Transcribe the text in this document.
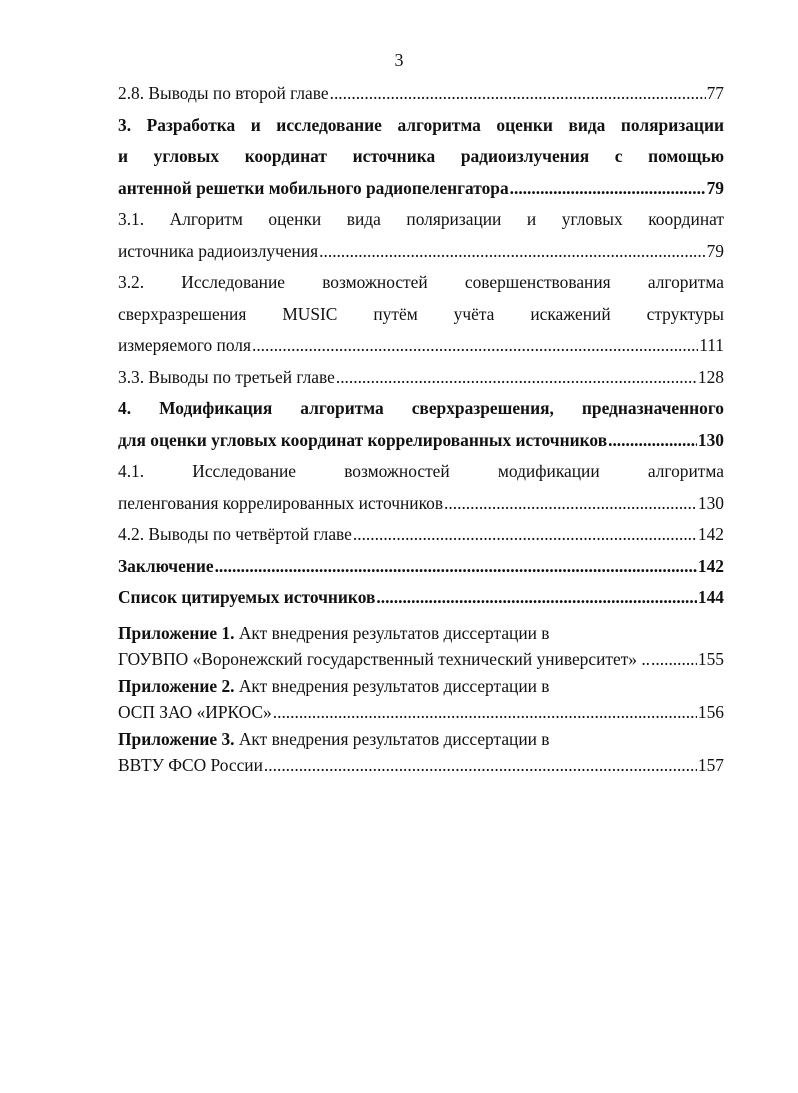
3
2.8. Выводы по второй главе .....	77
3. Разработка и исследование алгоритма оценки вида поляризации
и угловых координат источника радиоизлучения с помощью
антенной решетки мобильного радиопеленгатора .....	79
3.1. Алгоритм оценки вида поляризации и угловых координат
источника радиоизлучения .....	79
3.2. Исследование возможностей совершенствования алгоритма
сверхразрешения MUSIC путём учёта искажений структуры
измеряемого поля .....	111
3.3. Выводы по третьей главе .....	128
4. Модификация алгоритма сверхразрешения, предназначенного
для оценки угловых координат коррелированных источников .....	130
4.1. Исследование возможностей модификации алгоритма
пеленгования коррелированных источников .....	130
4.2. Выводы по четвёртой главе .....	142
Заключение .....	142
Список цитируемых источников .....	144
Приложение 1. Акт внедрения результатов диссертации в
ГОУВПО «Воронежский государственный технический университет» .. .....	155
Приложение 2. Акт внедрения результатов диссертации в
ОСП ЗАО «ИРКОС» .....	156
Приложение 3. Акт внедрения результатов диссертации в
ВВТУ ФСО России .....	157
